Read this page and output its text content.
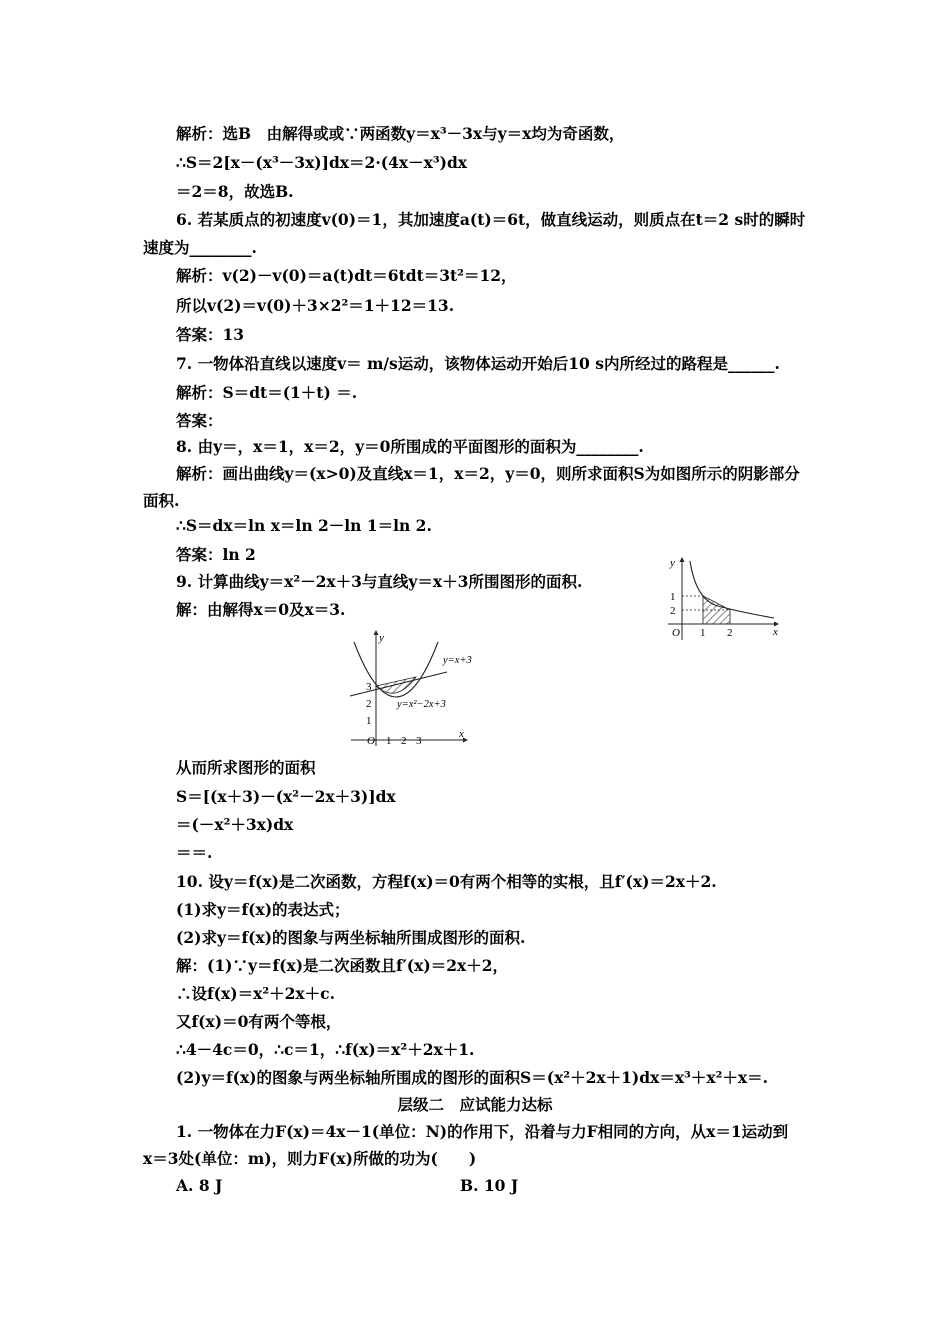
解析：选B　由解得或或∵两函数y＝x³－3x与y＝x均为奇函数，
∴S＝2[x－(x³－3x)]dx＝2·(4x－x³)dx
＝2＝8，故选B.
6. 若某质点的初速度v(0)＝1，其加速度a(t)＝6t，做直线运动，则质点在t＝2 s时的瞬时
速度为________.
解析：v(2)－v(0)＝a(t)dt＝6tdt＝3t²＝12，
所以v(2)＝v(0)＋3×2²＝1＋12＝13.
答案：13
7. 一物体沿直线以速度v＝ m/s运动，该物体运动开始后10 s内所经过的路程是______.
解析：S＝dt＝(1＋t) ＝.
答案：
8. 由y＝，x＝1，x＝2，y＝0所围成的平面图形的面积为________.
解析：画出曲线y＝(x>0)及直线x＝1，x＝2，y＝0，则所求面积S为如图所示的阴影部分
面积.
∴S＝dx＝ln x＝ln 2－ln 1＝ln 2.
答案：ln 2
9. 计算曲线y＝x²－2x＋3与直线y＝x＋3所围图形的面积.
解：由解得x＝0及x＝3.
y
x
O 1 2
1
2
y
x
O 1 2 3
1
2
3
y=x+3
y=x²−2x+3
从而所求图形的面积
S＝[(x＋3)－(x²－2x＋3)]dx
＝(－x²＋3x)dx
＝＝.
10. 设y＝f(x)是二次函数，方程f(x)＝0有两个相等的实根，且f′(x)＝2x＋2.
(1)求y＝f(x)的表达式；
(2)求y＝f(x)的图象与两坐标轴所围成图形的面积.
解：(1)∵y＝f(x)是二次函数且f′(x)＝2x＋2，
∴设f(x)＝x²＋2x＋c.
又f(x)＝0有两个等根，
∴4－4c＝0，∴c＝1，∴f(x)＝x²＋2x＋1.
(2)y＝f(x)的图象与两坐标轴所围成的图形的面积S＝(x²＋2x＋1)dx＝x³＋x²＋x＝.
层级二　应试能力达标
1. 一物体在力F(x)＝4x－1(单位：N)的作用下，沿着与力F相同的方向，从x＝1运动到
x＝3处(单位：m)，则力F(x)所做的功为(　　)
A. 8 J	B. 10 J
